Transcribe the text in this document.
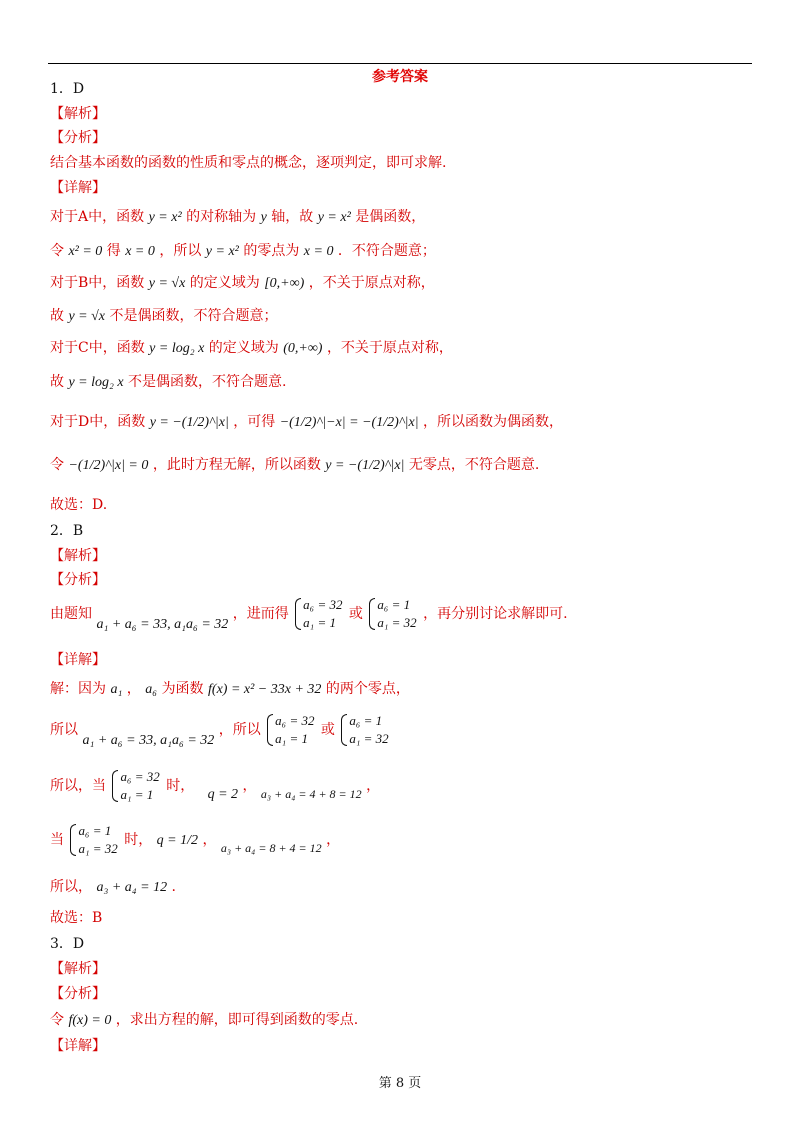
参考答案
1．D
【解析】
【分析】
结合基本函数的函数的性质和零点的概念，逐项判定，即可求解.
【详解】
对于A中，函数 y = x² 的对称轴为 y 轴，故 y = x² 是偶函数，
令 x² = 0 得 x = 0 ，所以 y = x² 的零点为 x = 0 ．不符合题意；
对于B中，函数 y = √x 的定义域为 [0,+∞) ，不关于原点对称，
故 y = √x 不是偶函数，不符合题意；
对于C中，函数 y = log₂ x 的定义域为 (0,+∞) ，不关于原点对称，
故 y = log₂ x 不是偶函数，不符合题意.
对于D中，函数 y = −(1/2)^|x| ，可得 −(1/2)^|−x| = −(1/2)^|x| ，所以函数为偶函数，
令 −(1/2)^|x| = 0 ，此时方程无解，所以函数 y = −(1/2)^|x| 无零点，不符合题意.
故选：D.
2．B
【解析】
【分析】
由题知 a₁ + a₆ = 33, a₁a₆ = 32 ，进而得
a₆ = 32
a₁ = 1
或
a₆ = 1
a₁ = 32
，再分别讨论求解即可.
【详解】
解：因为 a₁ ， a₆ 为函数 f(x) = x² − 33x + 32 的两个零点，
所以 a₁ + a₆ = 33, a₁a₆ = 32 ，所以
a₆ = 32
a₁ = 1
或
a₆ = 1
a₁ = 32
所以，当
a₆ = 32
a₁ = 1
时，   q = 2 ， a₃ + a₄ = 4 + 8 = 12 ，
当
a₆ = 1
a₁ = 32
时， q = 1/2 ， a₃ + a₄ = 8 + 4 = 12 ，
所以， a₃ + a₄ = 12 .
故选：B
3．D
【解析】
【分析】
令 f(x) = 0 ，求出方程的解，即可得到函数的零点.
【详解】
第 8 页
